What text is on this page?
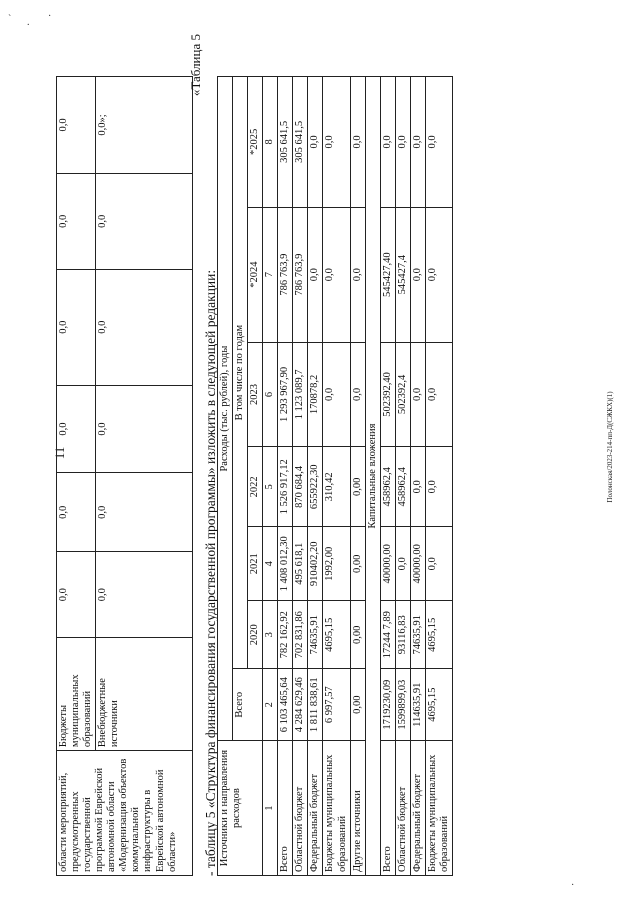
` .
·
·
11	Полонская/2023-214-пп-Д(СЖКХ)(1)
области мероприятий, предусмотренных государственной программой Еврейской автономной области «Модернизация объектов коммунальной инфраструктуры в Еврейской автономной области»	Бюджеты муниципальных образований	0,0	0,0	0,0	0,0	0,0	0,0
	Внебюджетные источники	0,0	0,0	0,0	0,0	0,0	0,0»;
«Таблица 5
- таблицу 5 «Структура финансирования государственной программы» изложить в следующей редакции: Источники и направления расходов	Расходы (тыс. рублей), годы						
	Всего	В том числе по годам					
		2020	2021	2022	2023	*2024	*2025
1	2	3	4	5	6	7	8
Всего	6 103 465,64	782 162,92	1 408 012,30	1 526 917,12	1 293 967,90	786 763,9	305 641,5
Областной бюджет	4 284 629,46	702 831,86	495 618,1	870 684,4	1 123 089,7	786 763,9	305 641,5
Федеральный бюджет	1 811 838,61	74635,91	910402,20	655922,30	170878,2	0,0	0,0
Бюджеты муниципальных образований	6 997,57	4695,15	1992,00	310,42	0,0	0,0	0,0
Другие источники	0,00	0,00	0,00	0,00	0,0	0,0	0,0
Капитальные вложения							
Всего	1719230,09	17244 7,89	40000,00	458962,4	502392,40	545427,40	0,0
Областной бюджет	1599899,03	93116,83	0,0	458962,4	502392,4	545427,4	0,0
Федеральный бюджет	114635,91	74635,91	40000,00	0,0	0,0	0,0	0,0
Бюджеты муниципальных образований	4695,15	4695,15	0,0	0,0	0,0	0,0	0,0
